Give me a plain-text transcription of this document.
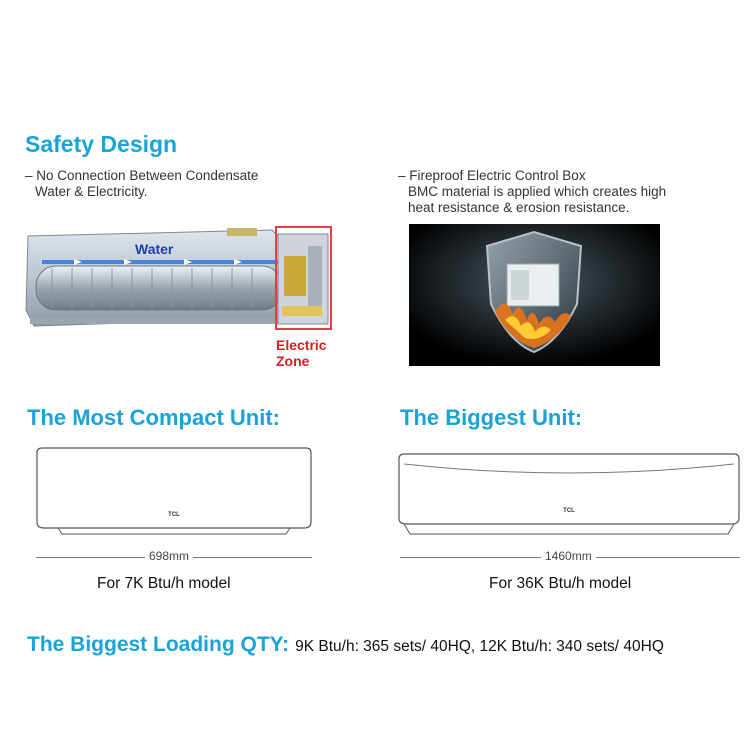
Safety Design
– No Connection Between Condensate
Water & Electricity.
– Fireproof Electric Control Box
BMC material is applied which creates high
heat resistance & erosion resistance.
Water
Electric
Zone
The Most Compact Unit:	The Biggest Unit:
TCL
TCL
698mm	1460mm
For 7K Btu/h model	For 36K Btu/h model
The Biggest Loading QTY: 9K Btu/h: 365 sets/ 40HQ, 12K Btu/h: 340 sets/ 40HQ
